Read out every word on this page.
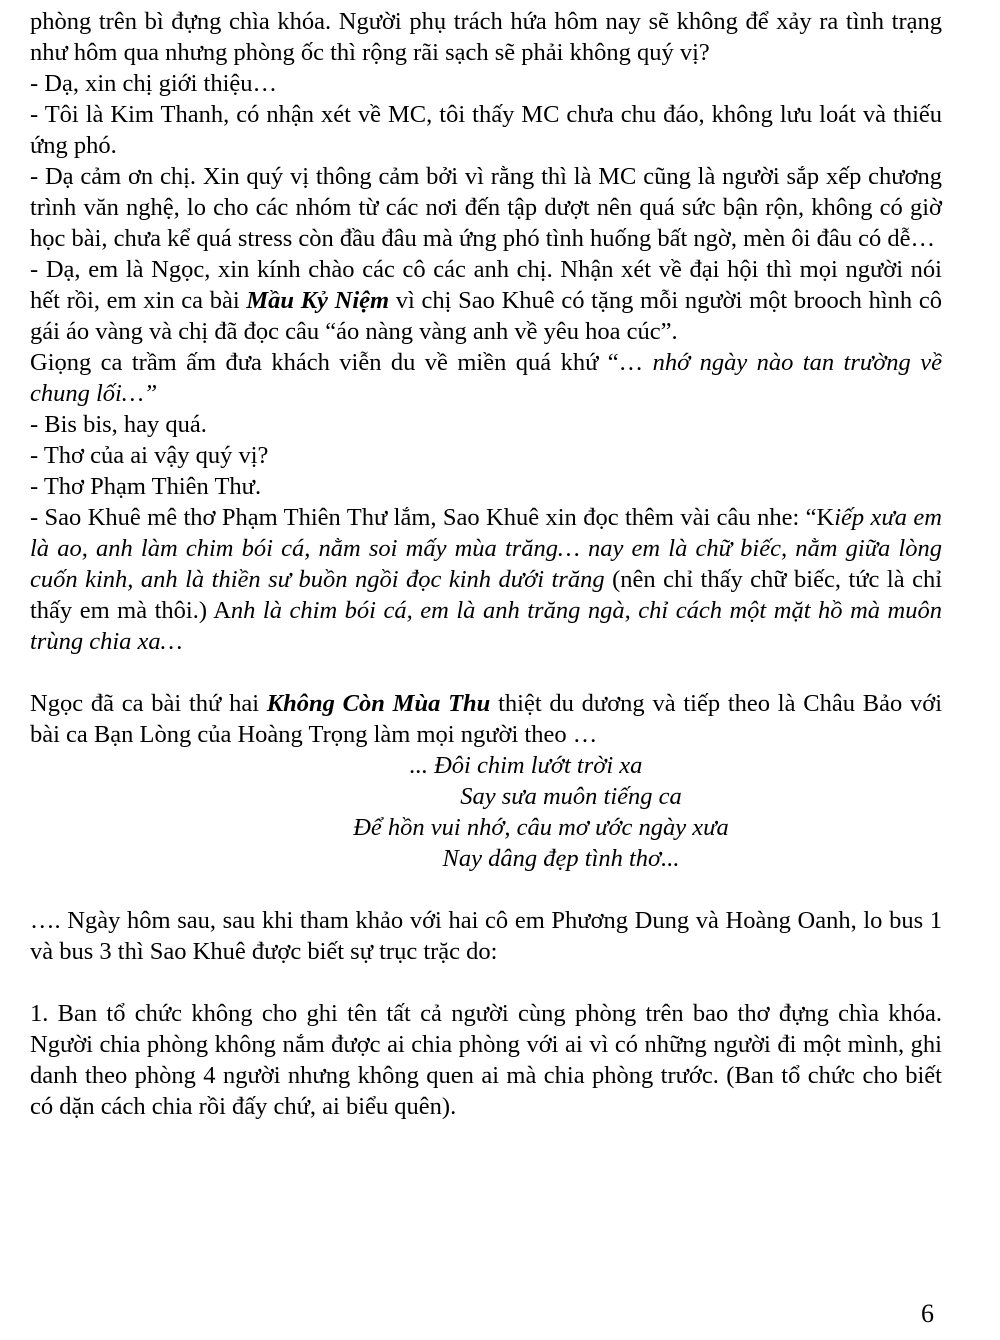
phòng trên bì đựng chìa khóa. Người phụ trách hứa hôm nay sẽ không để xảy ra tình trạng như hôm qua nhưng phòng ốc thì rộng rãi sạch sẽ phải không quý vị?

- Dạ, xin chị giới thiệu…

- Tôi là Kim Thanh, có nhận xét về MC, tôi thấy MC chưa chu đáo, không lưu loát và thiếu ứng phó.

- Dạ cảm ơn chị. Xin quý vị thông cảm bởi vì rằng thì là MC cũng là người sắp xếp chương trình văn nghệ, lo cho các nhóm từ các nơi đến tập dượt nên quá sức bận rộn, không có giờ học bài, chưa kể quá stress còn đầu đâu mà ứng phó tình huống bất ngờ, mèn ôi đâu có dễ…

- Dạ, em là Ngọc, xin kính chào các cô các anh chị. Nhận xét về đại hội thì mọi người nói hết rồi, em xin ca bài Mầu Kỷ Niệm vì chị Sao Khuê có tặng mỗi người một brooch hình cô gái áo vàng và chị đã đọc câu “áo nàng vàng anh về yêu hoa cúc”.

Giọng ca trầm ấm đưa khách viễn du về miền quá khứ “… nhớ ngày nào tan trường về chung lối…”

- Bis bis, hay quá.

- Thơ của ai vậy quý vị?

- Thơ Phạm Thiên Thư.

- Sao Khuê mê thơ Phạm Thiên Thư lắm, Sao Khuê xin đọc thêm vài câu nhe: “Kiếp xưa em là ao, anh làm chim bói cá, nằm soi mấy mùa trăng… nay em là chữ biếc, nằm giữa lòng cuốn kinh, anh là thiền sư buồn ngồi đọc kinh dưới trăng (nên chỉ thấy chữ biếc, tức là chỉ thấy em mà thôi.) Anh là chim bói cá, em là anh trăng ngà, chỉ cách một mặt hồ mà muôn trùng chia xa…

Ngọc đã ca bài thứ hai Không Còn Mùa Thu thiệt du dương và tiếp theo là Châu Bảo với bài ca Bạn Lòng của Hoàng Trọng làm mọi người theo …

... Đôi chim lướt trời xa
Say sưa muôn tiếng ca
Để hồn vui nhớ, câu mơ ước ngày xưa
Nay dâng đẹp tình thơ...

…. Ngày hôm sau, sau khi tham khảo với hai cô em Phương Dung và Hoàng Oanh, lo bus 1 và bus 3 thì Sao Khuê được biết sự trục trặc do:

1. Ban tổ chức không cho ghi tên tất cả người cùng phòng trên bao thơ đựng chìa khóa. Người chia phòng không nắm được ai chia phòng với ai vì có những người đi một mình, ghi danh theo phòng 4 người nhưng không quen ai mà chia phòng trước. (Ban tổ chức cho biết có dặn cách chia rồi đấy chứ, ai biểu quên).

6
